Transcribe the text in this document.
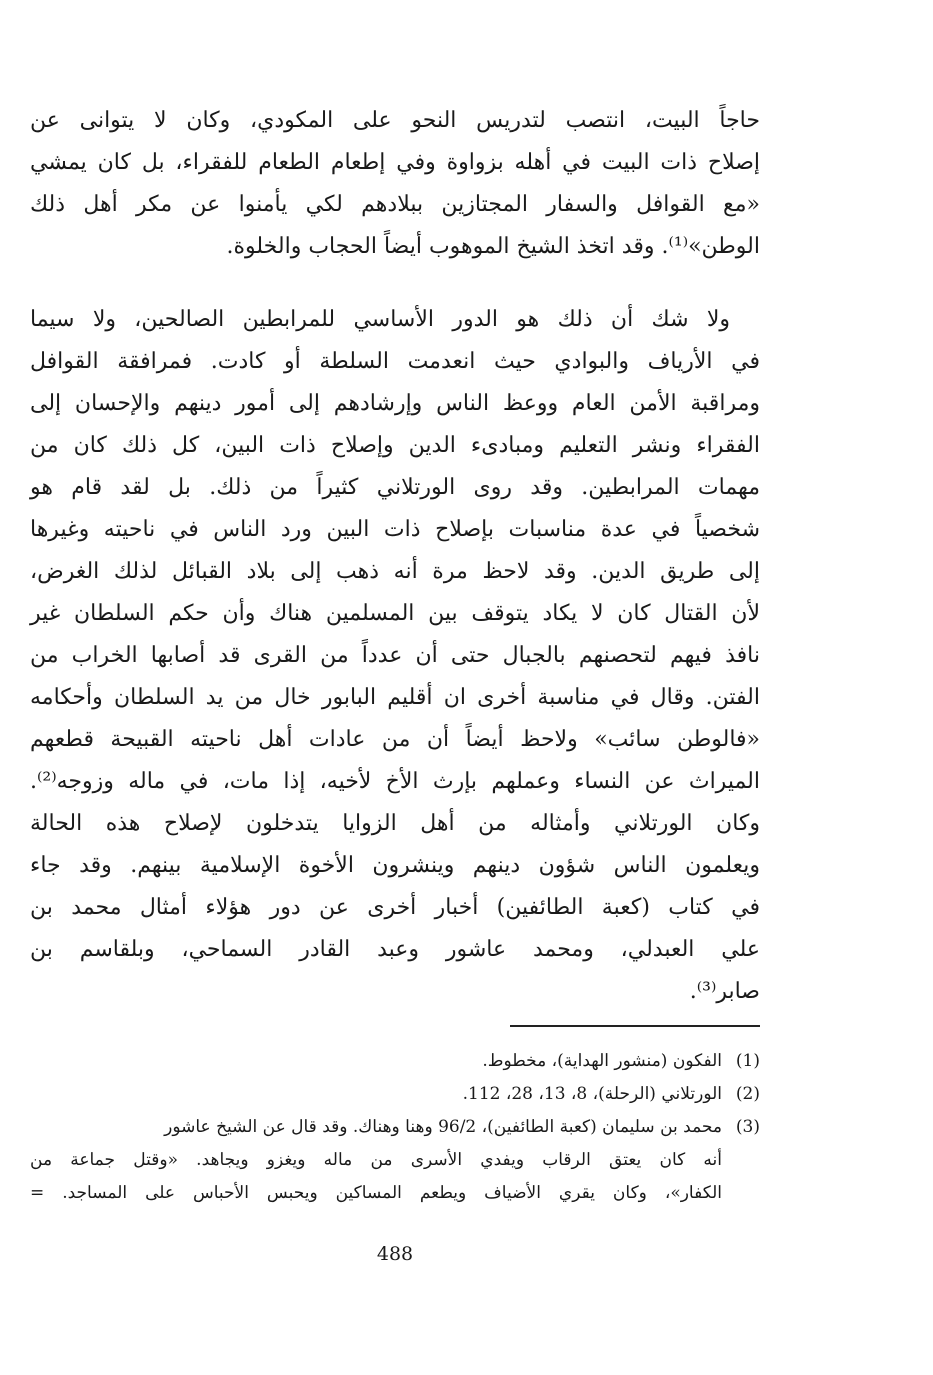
حاجاً البيت، انتصب لتدريس النحو على المكودي، وكان لا يتوانى عن
إصلاح ذات البيت في أهله بزواوة وفي إطعام الطعام للفقراء، بل كان يمشي
«مع القوافل والسفار المجتازين ببلادهم لكي يأمنوا عن مكر أهل ذلك
الوطن»⁽¹⁾. وقد اتخذ الشيخ الموهوب أيضاً الحجاب والخلوة.

ولا شك أن ذلك هو الدور الأساسي للمرابطين الصالحين، ولا سيما
في الأرياف والبوادي حيث انعدمت السلطة أو كادت. فمرافقة القوافل
ومراقبة الأمن العام ووعظ الناس وإرشادهم إلى أمور دينهم والإحسان إلى
الفقراء ونشر التعليم ومبادىء الدين وإصلاح ذات البين، كل ذلك كان من
مهمات المرابطين. وقد روى الورتلاني كثيراً من ذلك. بل لقد قام هو
شخصياً في عدة مناسبات بإصلاح ذات البين ورد الناس في ناحيته وغيرها
إلى طريق الدين. وقد لاحظ مرة أنه ذهب إلى بلاد القبائل لذلك الغرض،
لأن القتال كان لا يكاد يتوقف بين المسلمين هناك وأن حكم السلطان غير
نافذ فيهم لتحصنهم بالجبال حتى أن عدداً من القرى قد أصابها الخراب من
الفتن. وقال في مناسبة أخرى ان أقليم البابور خال من يد السلطان وأحكامه
«فالوطن سائب» ولاحظ أيضاً أن من عادات أهل ناحيته القبيحة قطعهم
الميراث عن النساء وعملهم بإرث الأخ لأخيه، إذا مات، في ماله وزوجه⁽²⁾.
وكان الورتلاني وأمثاله من أهل الزوايا يتدخلون لإصلاح هذه الحالة
ويعلمون الناس شؤون دينهم وينشرون الأخوة الإسلامية بينهم. وقد جاء
في كتاب (كعبة الطائفين) أخبار أخرى عن دور هؤلاء أمثال محمد بن
علي العبدلي، ومحمد عاشور وعبد القادر السماحي، وبلقاسم بن
صابر⁽³⁾.

(1)الفكون (منشور الهداية)، مخطوط.
(2)الورتلاني (الرحلة)، 8، 13، 28، 112.
(3)محمد بن سليمان (كعبة الطائفين)، 96/2 وهنا وهناك. وقد قال عن الشيخ عاشور
أنه كان يعتق الرقاب ويفدي الأسرى من ماله ويغزو ويجاهد. «وقتل جماعة من
الكفار»، وكان يقري الأضياف ويطعم المساكين ويحبس الأحباس على المساجد. =
488
